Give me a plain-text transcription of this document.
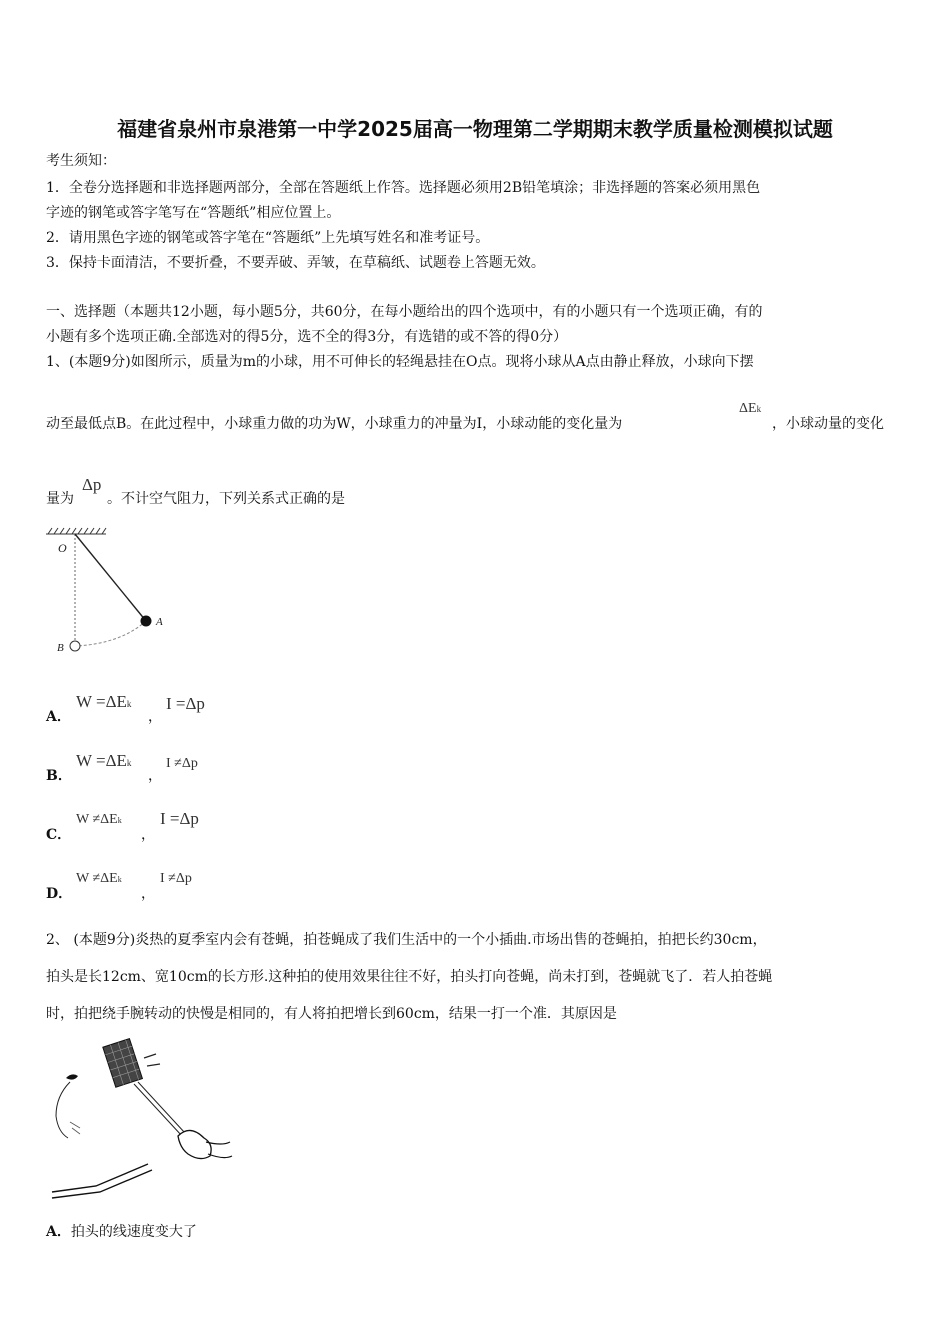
福建省泉州市泉港第一中学2025届高一物理第二学期期末教学质量检测模拟试题
考生须知：
1．全卷分选择题和非选择题两部分，全部在答题纸上作答。选择题必须用2B铅笔填涂；非选择题的答案必须用黑色
字迹的钢笔或答字笔写在“答题纸”相应位置上。
2．请用黑色字迹的钢笔或答字笔在“答题纸”上先填写姓名和准考证号。
3．保持卡面清洁，不要折叠，不要弄破、弄皱，在草稿纸、试题卷上答题无效。
一、选择题（本题共12小题，每小题5分，共60分，在每小题给出的四个选项中，有的小题只有一个选项正确，有的
小题有多个选项正确.全部选对的得5分，选不全的得3分，有选错的或不答的得0分）
1、(本题9分)如图所示，质量为m的小球，用不可伸长的轻绳悬挂在O点。现将小球从A点由静止释放，小球向下摆
动至最低点B。在此过程中，小球重力做的功为W，小球重力的冲量为I，小球动能的变化量为
ΔEk
，小球动量的变化
量为
Δp
。不计空气阻力，下列关系式正确的是
O
A
B
A．
W =ΔEk
，
I =Δp
B．
W =ΔEk
，
I ≠Δp
C．
W ≠ΔEk
，
I =Δp
D．
W ≠ΔEk
，
I ≠Δp
2、 (本题9分)炎热的夏季室内会有苍蝇，拍苍蝇成了我们生活中的一个小插曲.市场出售的苍蝇拍，拍把长约30cm，
拍头是长12cm、宽10cm的长方形.这种拍的使用效果往往不好，拍头打向苍蝇，尚未打到，苍蝇就飞了．若人拍苍蝇
时，拍把绕手腕转动的快慢是相同的，有人将拍把增长到60cm，结果一打一个准．其原因是
A．拍头的线速度变大了
